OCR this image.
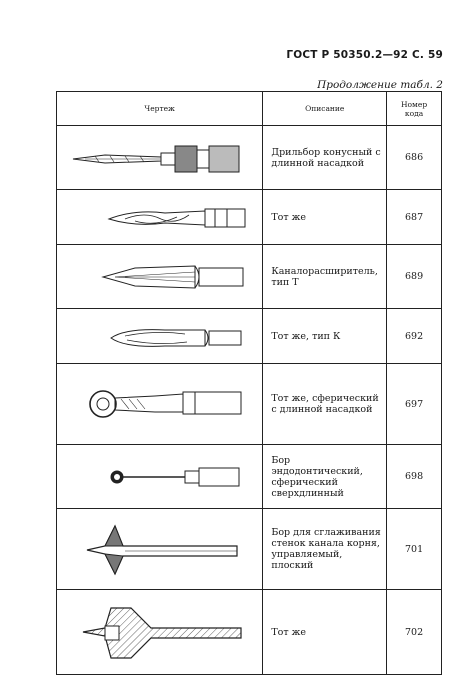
ГОСТ Р 50350.2—92 С. 59
Продолжение табл. 2
Чертеж	Описание	Номер
кода

	Дрильбор конусный с длинной насадкой	686

	Тот же	687

	Каналорасширитель, тип Т	689

	Тот же, тип К	692

	Тот же, сферический с длинной насадкой	697

	Бор эндодонтический, сферический сверхдлинный	698

	Бор для сглаживания стенок канала корня, управляемый, плоский	701

	Тот же	702
